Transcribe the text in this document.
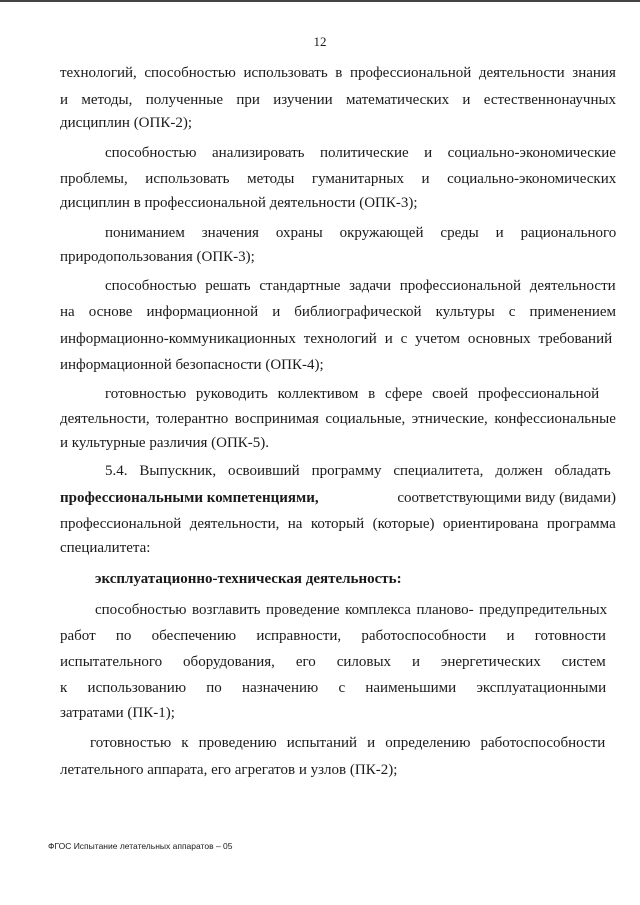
12
технологий, способностью использовать в профессиональной деятельности знания
и методы, полученные при изучении математических и естественнонаучных
дисциплин (ОПК-2);
способностью анализировать политические и социально-экономические
проблемы, использовать методы гуманитарных и социально-экономических
дисциплин в профессиональной деятельности (ОПК-3);
пониманием значения охраны окружающей среды и рационального
природопользования (ОПК-3);
способностью решать стандартные задачи профессиональной деятельности
на основе информационной и библиографической культуры с применением
информационно-коммуникационных технологий и с учетом основных требований
информационной безопасности (ОПК-4);
готовностью руководить коллективом в сфере своей профессиональной
деятельности, толерантно воспринимая социальные, этнические, конфессиональные
и культурные различия (ОПК-5).
5.4. Выпускник, освоивший программу специалитета, должен обладать
профессиональными компетенциями,	соответствующими виду (видами)
профессиональной деятельности, на который (которые) ориентирована программа
специалитета:
эксплуатационно-техническая деятельность:
способностью возглавить проведение комплекса планово- предупредительных
работ по обеспечению исправности, работоспособности и готовности
испытательного оборудования, его силовых и энергетических систем
к использованию по назначению с наименьшими эксплуатационными
затратами (ПК-1);
готовностью к проведению испытаний и определению работоспособности
летательного аппарата, его агрегатов и узлов (ПК-2);
ФГОС Испытание летательных аппаратов – 05
